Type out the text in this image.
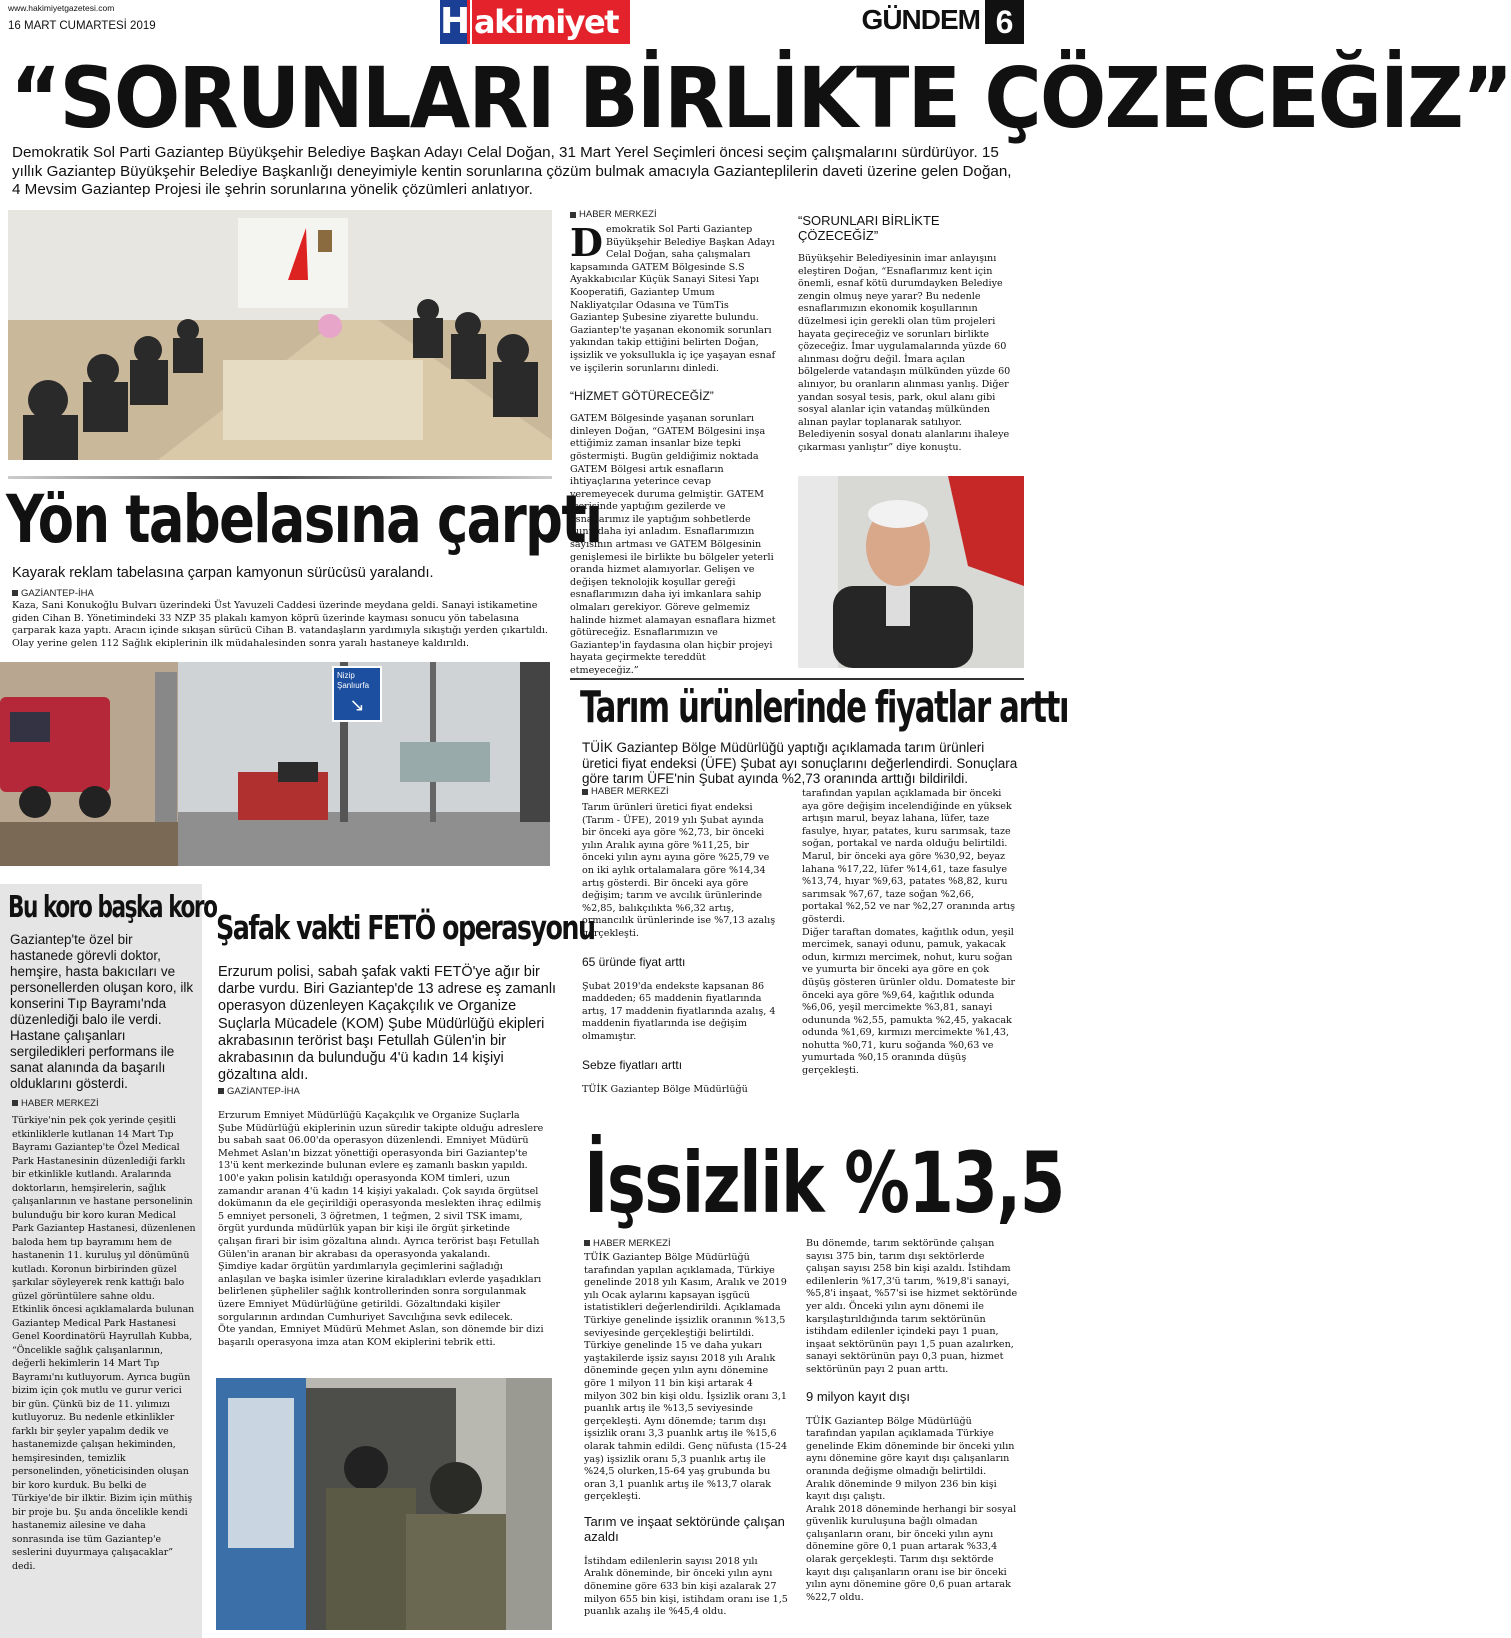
www.hakimiyetgazetesi.com
16 MART CUMARTESİ 2019	H akimiyet	GÜNDEM 6
“SORUNLARI BİRLİKTE ÇÖZECEĞİZ”
Demokratik Sol Parti Gaziantep Büyükşehir Belediye Başkan Adayı Celal Doğan, 31 Mart Yerel Seçimleri öncesi seçim çalışmalarını sürdürüyor. 15 yıllık Gaziantep Büyükşehir Belediye Başkanlığı deneyimiyle kentin sorunlarına çözüm bulmak amacıyla Gazianteplilerin daveti üzerine gelen Doğan, 4 Mevsim Gaziantep Projesi ile şehrin sorunlarına yönelik çözümleri anlatıyor.
HABER MERKEZİ
Demokratik Sol Parti Gaziantep Büyükşehir Belediye Başkan Adayı Celal Doğan, saha çalışmaları kapsamında GATEM Bölgesinde S.S Ayakkabıcılar Küçük Sanayi Sitesi Yapı Kooperatifi, Gaziantep Umum Nakliyatçılar Odasına ve TümTis Gaziantep Şubesine ziyarette bulundu. Gaziantep'te yaşanan ekonomik sorunları yakından takip ettiğini belirten Doğan, işsizlik ve yoksullukla iç içe yaşayan esnaf ve işçilerin sorunlarını dinledi.
“HİZMET GÖTÜRECEĞİZ”
GATEM Bölgesinde yaşanan sorunları dinleyen Doğan, “GATEM Bölgesini inşa ettiğimiz zaman insanlar bize tepki göstermişti. Bugün geldiğimiz noktada GATEM Bölgesi artık esnafların ihtiyaçlarına yeterince cevap veremeyecek duruma gelmiştir. GATEM içerisinde yaptığım gezilerde ve esnaflarımız ile yaptığım sohbetlerde bunu daha iyi anladım. Esnaflarımızın sayısının artması ve GATEM Bölgesinin genişlemesi ile birlikte bu bölgeler yeterli oranda hizmet alamıyorlar. Gelişen ve değişen teknolojik koşullar gereği esnaflarımızın daha iyi imkanlara sahip olmaları gerekiyor. Göreve gelmemiz halinde hizmet alamayan esnaflara hizmet götüreceğiz. Esnaflarımızın ve Gaziantep'in faydasına olan hiçbir projeyi hayata geçirmekte tereddüt etmeyeceğiz.”
“SORUNLARI BİRLİKTE ÇÖZECEĞİZ”
Büyükşehir Belediyesinin imar anlayışını eleştiren Doğan, “Esnaflarımız kent için önemli, esnaf kötü durumdayken Belediye zengin olmuş neye yarar? Bu nedenle esnaflarımızın ekonomik koşullarının düzelmesi için gerekli olan tüm projeleri hayata geçireceğiz ve sorunları birlikte çözeceğiz. İmar uygulamalarında yüzde 60 alınması doğru değil. İmara açılan bölgelerde vatandaşın mülkünden yüzde 60 alınıyor, bu oranların alınması yanlış. Diğer yandan sosyal tesis, park, okul alanı gibi sosyal alanlar için vatandaş mülkünden alınan paylar toplanarak satılıyor. Belediyenin sosyal donatı alanlarını ihaleye çıkarması yanlıştır” diye konuştu.
Yön tabelasına çarptı
Kayarak reklam tabelasına çarpan kamyonun sürücüsü yaralandı.
GAZİANTEP-İHA
Kaza, Sani Konukoğlu Bulvarı üzerindeki Üst Yavuzeli Caddesi üzerinde meydana geldi. Sanayi istikametine giden Cihan B. Yönetimindeki 33 NZP 35 plakalı kamyon köprü üzerinde kayması sonucu yön tabelasına çarparak kaza yaptı. Aracın içinde sıkışan sürücü Cihan B. vatandaşların yardımıyla sıkıştığı yerden çıkartıldı. Olay yerine gelen 112 Sağlık ekiplerinin ilk müdahalesinden sonra yaralı hastaneye kaldırıldı.
Nizip
Şanlıurfa
↘	Tarım ürünlerinde fiyatlar arttı
TÜİK Gaziantep Bölge Müdürlüğü yaptığı açıklamada tarım ürünleri üretici fiyat endeksi (ÜFE) Şubat ayı sonuçlarını değerlendirdi. Sonuçlara göre tarım ÜFE'nin Şubat ayında %2,73 oranında arttığı bildirildi.
HABER MERKEZİ
Tarım ürünleri üretici fiyat endeksi (Tarım - ÜFE), 2019 yılı Şubat ayında bir önceki aya göre %2,73, bir önceki yılın Aralık ayına göre %11,25, bir önceki yılın aynı ayına göre %25,79 ve on iki aylık ortalamalara göre %14,34 artış gösterdi. Bir önceki aya göre değişim; tarım ve avcılık ürünlerinde %2,85, balıkçılıkta %6,32 artış, ormancılık ürünlerinde ise %7,13 azalış gerçekleşti.
65 üründe fiyat arttı
Şubat 2019'da endekste kapsanan 86 maddeden; 65 maddenin fiyatlarında artış, 17 maddenin fiyatlarında azalış, 4 maddenin fiyatlarında ise değişim olmamıştır.
Sebze fiyatları arttı
TÜİK Gaziantep Bölge Müdürlüğü
tarafından yapılan açıklamada bir önceki aya göre değişim incelendiğinde en yüksek artışın marul, beyaz lahana, lüfer, taze fasulye, hıyar, patates, kuru sarımsak, taze soğan, portakal ve narda olduğu belirtildi. Marul, bir önceki aya göre %30,92, beyaz lahana %17,22, lüfer %14,61, taze fasulye %13,74, hıyar %9,63, patates %8,82, kuru sarımsak %7,67, taze soğan %2,66, portakal %2,52 ve nar %2,27 oranında artış gösterdi.
Diğer taraftan domates, kağıtlık odun, yeşil mercimek, sanayi odunu, pamuk, yakacak odun, kırmızı mercimek, nohut, kuru soğan ve yumurta bir önceki aya göre en çok düşüş gösteren ürünler oldu. Domateste bir önceki aya göre %9,64, kağıtlık odunda %6,06, yeşil mercimekte %3,81, sanayi odununda %2,55, pamukta %2,45, yakacak odunda %1,69, kırmızı mercimekte %1,43, nohutta %0,71, kuru soğanda %0,63 ve yumurtada %0,15 oranında düşüş gerçekleşti.
Bu koro başka koro
Gaziantep'te özel bir hastanede görevli doktor, hemşire, hasta bakıcıları ve personellerden oluşan koro, ilk konserini Tıp Bayramı'nda düzenlediği balo ile verdi. Hastane çalışanları sergiledikleri performans ile sanat alanında da başarılı olduklarını gösterdi.
HABER MERKEZİ
Türkiye'nin pek çok yerinde çeşitli etkinliklerle kutlanan 14 Mart Tıp Bayramı Gaziantep'te Özel Medical Park Hastanesinin düzenlediği farklı bir etkinlikle kutlandı. Aralarında doktorların, hemşirelerin, sağlık çalışanlarının ve hastane personelinin bulunduğu bir koro kuran Medical Park Gaziantep Hastanesi, düzenlenen baloda hem tıp bayramını hem de hastanenin 11. kuruluş yıl dönümünü kutladı. Koronun birbirinden güzel şarkılar söyleyerek renk kattığı balo güzel görüntülere sahne oldu.
Etkinlik öncesi açıklamalarda bulunan Gaziantep Medical Park Hastanesi Genel Koordinatörü Hayrullah Kubba, “Öncelikle sağlık çalışanlarının, değerli hekimlerin 14 Mart Tıp Bayramı'nı kutluyorum. Ayrıca bugün bizim için çok mutlu ve gurur verici bir gün. Çünkü biz de 11. yılımızı kutluyoruz. Bu nedenle etkinlikler farklı bir şeyler yapalım dedik ve hastanemizde çalışan hekiminden, hemşiresinden, temizlik personelinden, yöneticisinden oluşan bir koro kurduk. Bu belki de Türkiye'de bir ilktir. Bizim için müthiş bir proje bu. Şu anda öncelikle kendi hastanemiz ailesine ve daha sonrasında ise tüm Gaziantep'e seslerini duyurmaya çalışacaklar” dedi.
Şafak vakti FETÖ operasyonu
Erzurum polisi, sabah şafak vakti FETÖ'ye ağır bir darbe vurdu. Biri Gaziantep'de 13 adrese eş zamanlı operasyon düzenleyen Kaçakçılık ve Organize Suçlarla Mücadele (KOM) Şube Müdürlüğü ekipleri akrabasının terörist başı Fetullah Gülen'in bir akrabasının da bulunduğu 4'ü kadın 14 kişiyi gözaltına aldı.
GAZİANTEP-İHA
Erzurum Emniyet Müdürlüğü Kaçakçılık ve Organize Suçlarla Şube Müdürlüğü ekiplerinin uzun süredir takipte olduğu adreslere bu sabah saat 06.00'da operasyon düzenlendi. Emniyet Müdürü Mehmet Aslan'ın bizzat yönettiği operasyonda biri Gaziantep'te 13'ü kent merkezinde bulunan evlere eş zamanlı baskın yapıldı. 100'e yakın polisin katıldığı operasyonda KOM timleri, uzun zamandır aranan 4'ü kadın 14 kişiyi yakaladı. Çok sayıda örgütsel dokümanın da ele geçirildiği operasyonda meslekten ihraç edilmiş 5 emniyet personeli, 3 öğretmen, 1 teğmen, 2 sivil TSK imamı, örgüt yurdunda müdürlük yapan bir kişi ile örgüt şirketinde çalışan firari bir isim gözaltına alındı. Ayrıca terörist başı Fetullah Gülen'in aranan bir akrabası da operasyonda yakalandı.
Şimdiye kadar örgütün yardımlarıyla geçimlerini sağladığı anlaşılan ve başka isimler üzerine kiraladıkları evlerde yaşadıkları belirlenen şüpheliler sağlık kontrollerinden sonra sorgulanmak üzere Emniyet Müdürlüğüne getirildi. Gözaltındaki kişiler sorgularının ardından Cumhuriyet Savcılığına sevk edilecek.
Öte yandan, Emniyet Müdürü Mehmet Aslan, son dönemde bir dizi başarılı operasyona imza atan KOM ekiplerini tebrik etti.
İşsizlik %13,5
HABER MERKEZİ
TÜİK Gaziantep Bölge Müdürlüğü tarafından yapılan açıklamada, Türkiye genelinde 2018 yılı Kasım, Aralık ve 2019 yılı Ocak aylarını kapsayan işgücü istatistikleri değerlendirildi. Açıklamada Türkiye genelinde işsizlik oranının %13,5 seviyesinde gerçekleştiği belirtildi. Türkiye genelinde 15 ve daha yukarı yaştakilerde işsiz sayısı 2018 yılı Aralık döneminde geçen yılın aynı dönemine göre 1 milyon 11 bin kişi artarak 4 milyon 302 bin kişi oldu. İşsizlik oranı 3,1 puanlık artış ile %13,5 seviyesinde gerçekleşti. Aynı dönemde; tarım dışı işsizlik oranı 3,3 puanlık artış ile %15,6 olarak tahmin edildi. Genç nüfusta (15-24 yaş) işsizlik oranı 5,3 puanlık artış ile %24,5 olurken,15-64 yaş grubunda bu oran 3,1 puanlık artış ile %13,7 olarak gerçekleşti.
Tarım ve inşaat sektöründe çalışan azaldı
İstihdam edilenlerin sayısı 2018 yılı Aralık döneminde, bir önceki yılın aynı dönemine göre 633 bin kişi azalarak 27 milyon 655 bin kişi, istihdam oranı ise 1,5 puanlık azalış ile %45,4 oldu.
Bu dönemde, tarım sektöründe çalışan sayısı 375 bin, tarım dışı sektörlerde çalışan sayısı 258 bin kişi azaldı. İstihdam edilenlerin %17,3'ü tarım, %19,8'i sanayi, %5,8'i inşaat, %57'si ise hizmet sektöründe yer aldı. Önceki yılın aynı dönemi ile karşılaştırıldığında tarım sektörünün istihdam edilenler içindeki payı 1 puan, inşaat sektörünün payı 1,5 puan azalırken, sanayi sektörünün payı 0,3 puan, hizmet sektörünün payı 2 puan arttı.
9 milyon kayıt dışı
TÜİK Gaziantep Bölge Müdürlüğü tarafından yapılan açıklamada Türkiye genelinde Ekim döneminde bir önceki yılın aynı dönemine göre kayıt dışı çalışanların oranında değişme olmadığı belirtildi. Aralık döneminde 9 milyon 236 bin kişi kayıt dışı çalıştı.
Aralık 2018 döneminde herhangi bir sosyal güvenlik kuruluşuna bağlı olmadan çalışanların oranı, bir önceki yılın aynı dönemine göre 0,1 puan artarak %33,4 olarak gerçekleşti. Tarım dışı sektörde kayıt dışı çalışanların oranı ise bir önceki yılın aynı dönemine göre 0,6 puan artarak %22,7 oldu.
